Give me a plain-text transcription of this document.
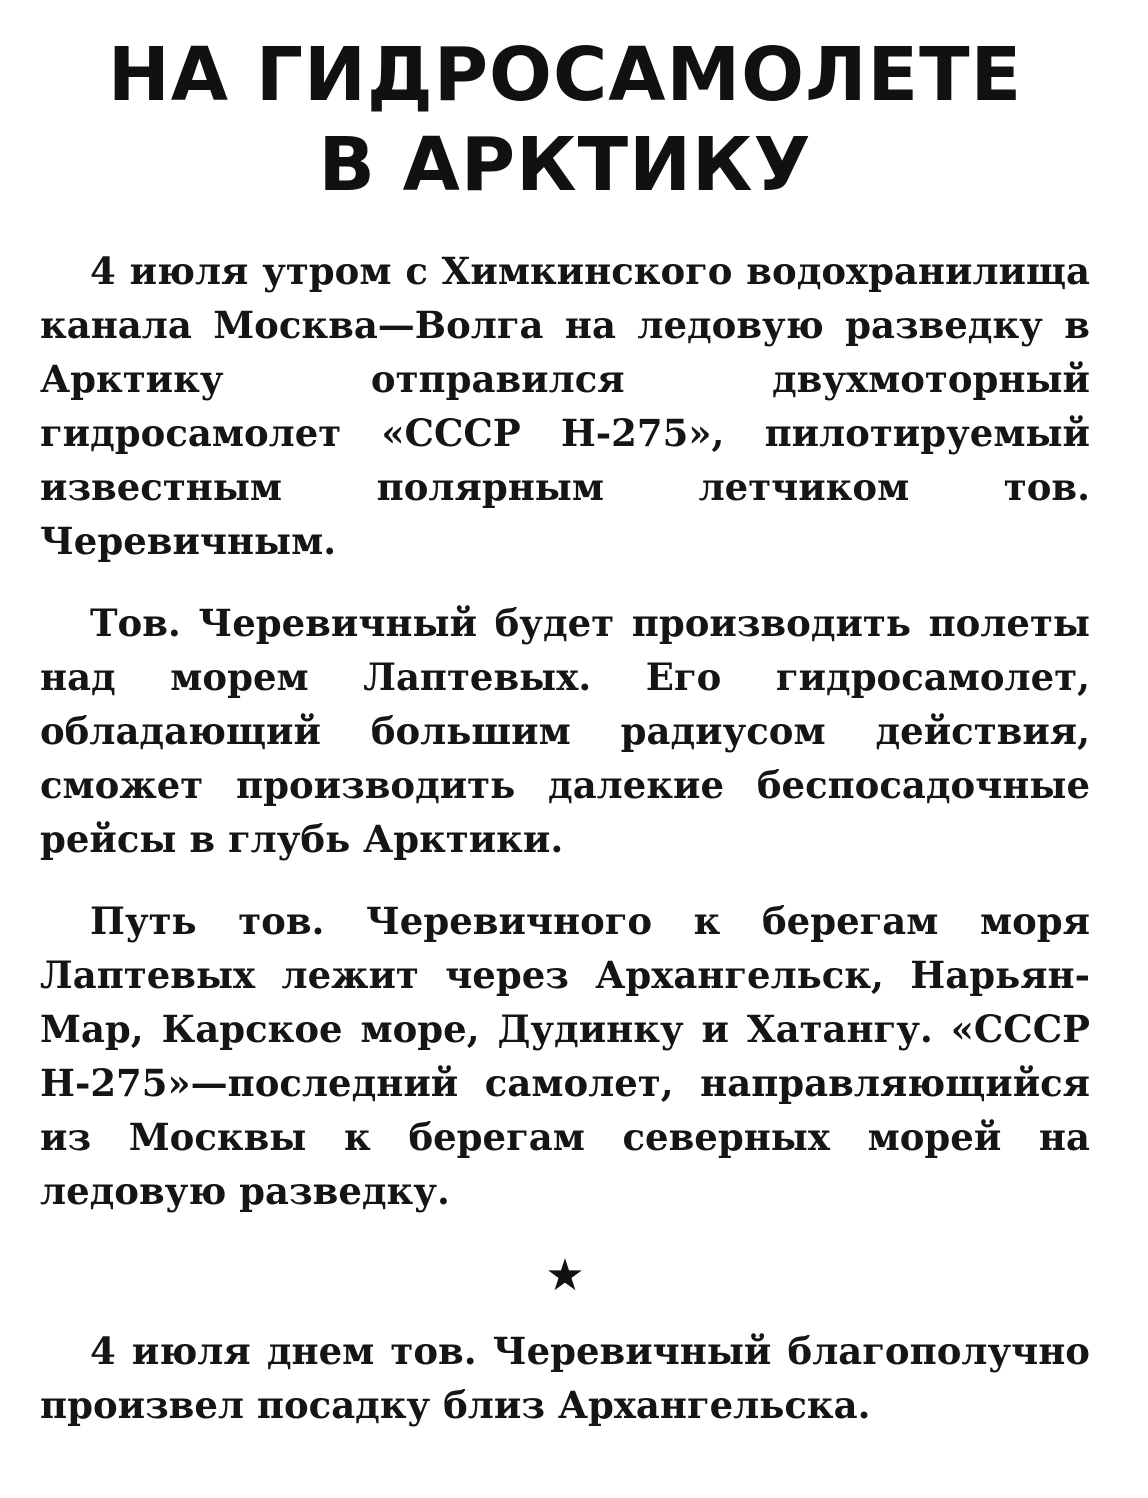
НА ГИДРОСАМОЛЕТЕ
В АРКТИКУ

4 июля утром с Химкинского водохранилища канала Москва—Волга на ледовую разведку в Арктику отправился двухмоторный гидросамолет «СССР Н-275», пилотируемый известным полярным летчиком тов. Черевичным.

Тов. Черевичный будет производить полеты над морем Лаптевых. Его гидросамолет, обладающий большим радиусом действия, сможет производить далекие беспосадочные рейсы в глубь Арктики.

Путь тов. Черевичного к берегам моря Лаптевых лежит через Архангельск, Нарьян-Мар, Карское море, Дудинку и Хатангу. «СССР Н-275»—последний самолет, направляющийся из Москвы к берегам северных морей на ледовую разведку.

★

4 июля днем тов. Черевичный благополучно произвел посадку близ Архангельска.
